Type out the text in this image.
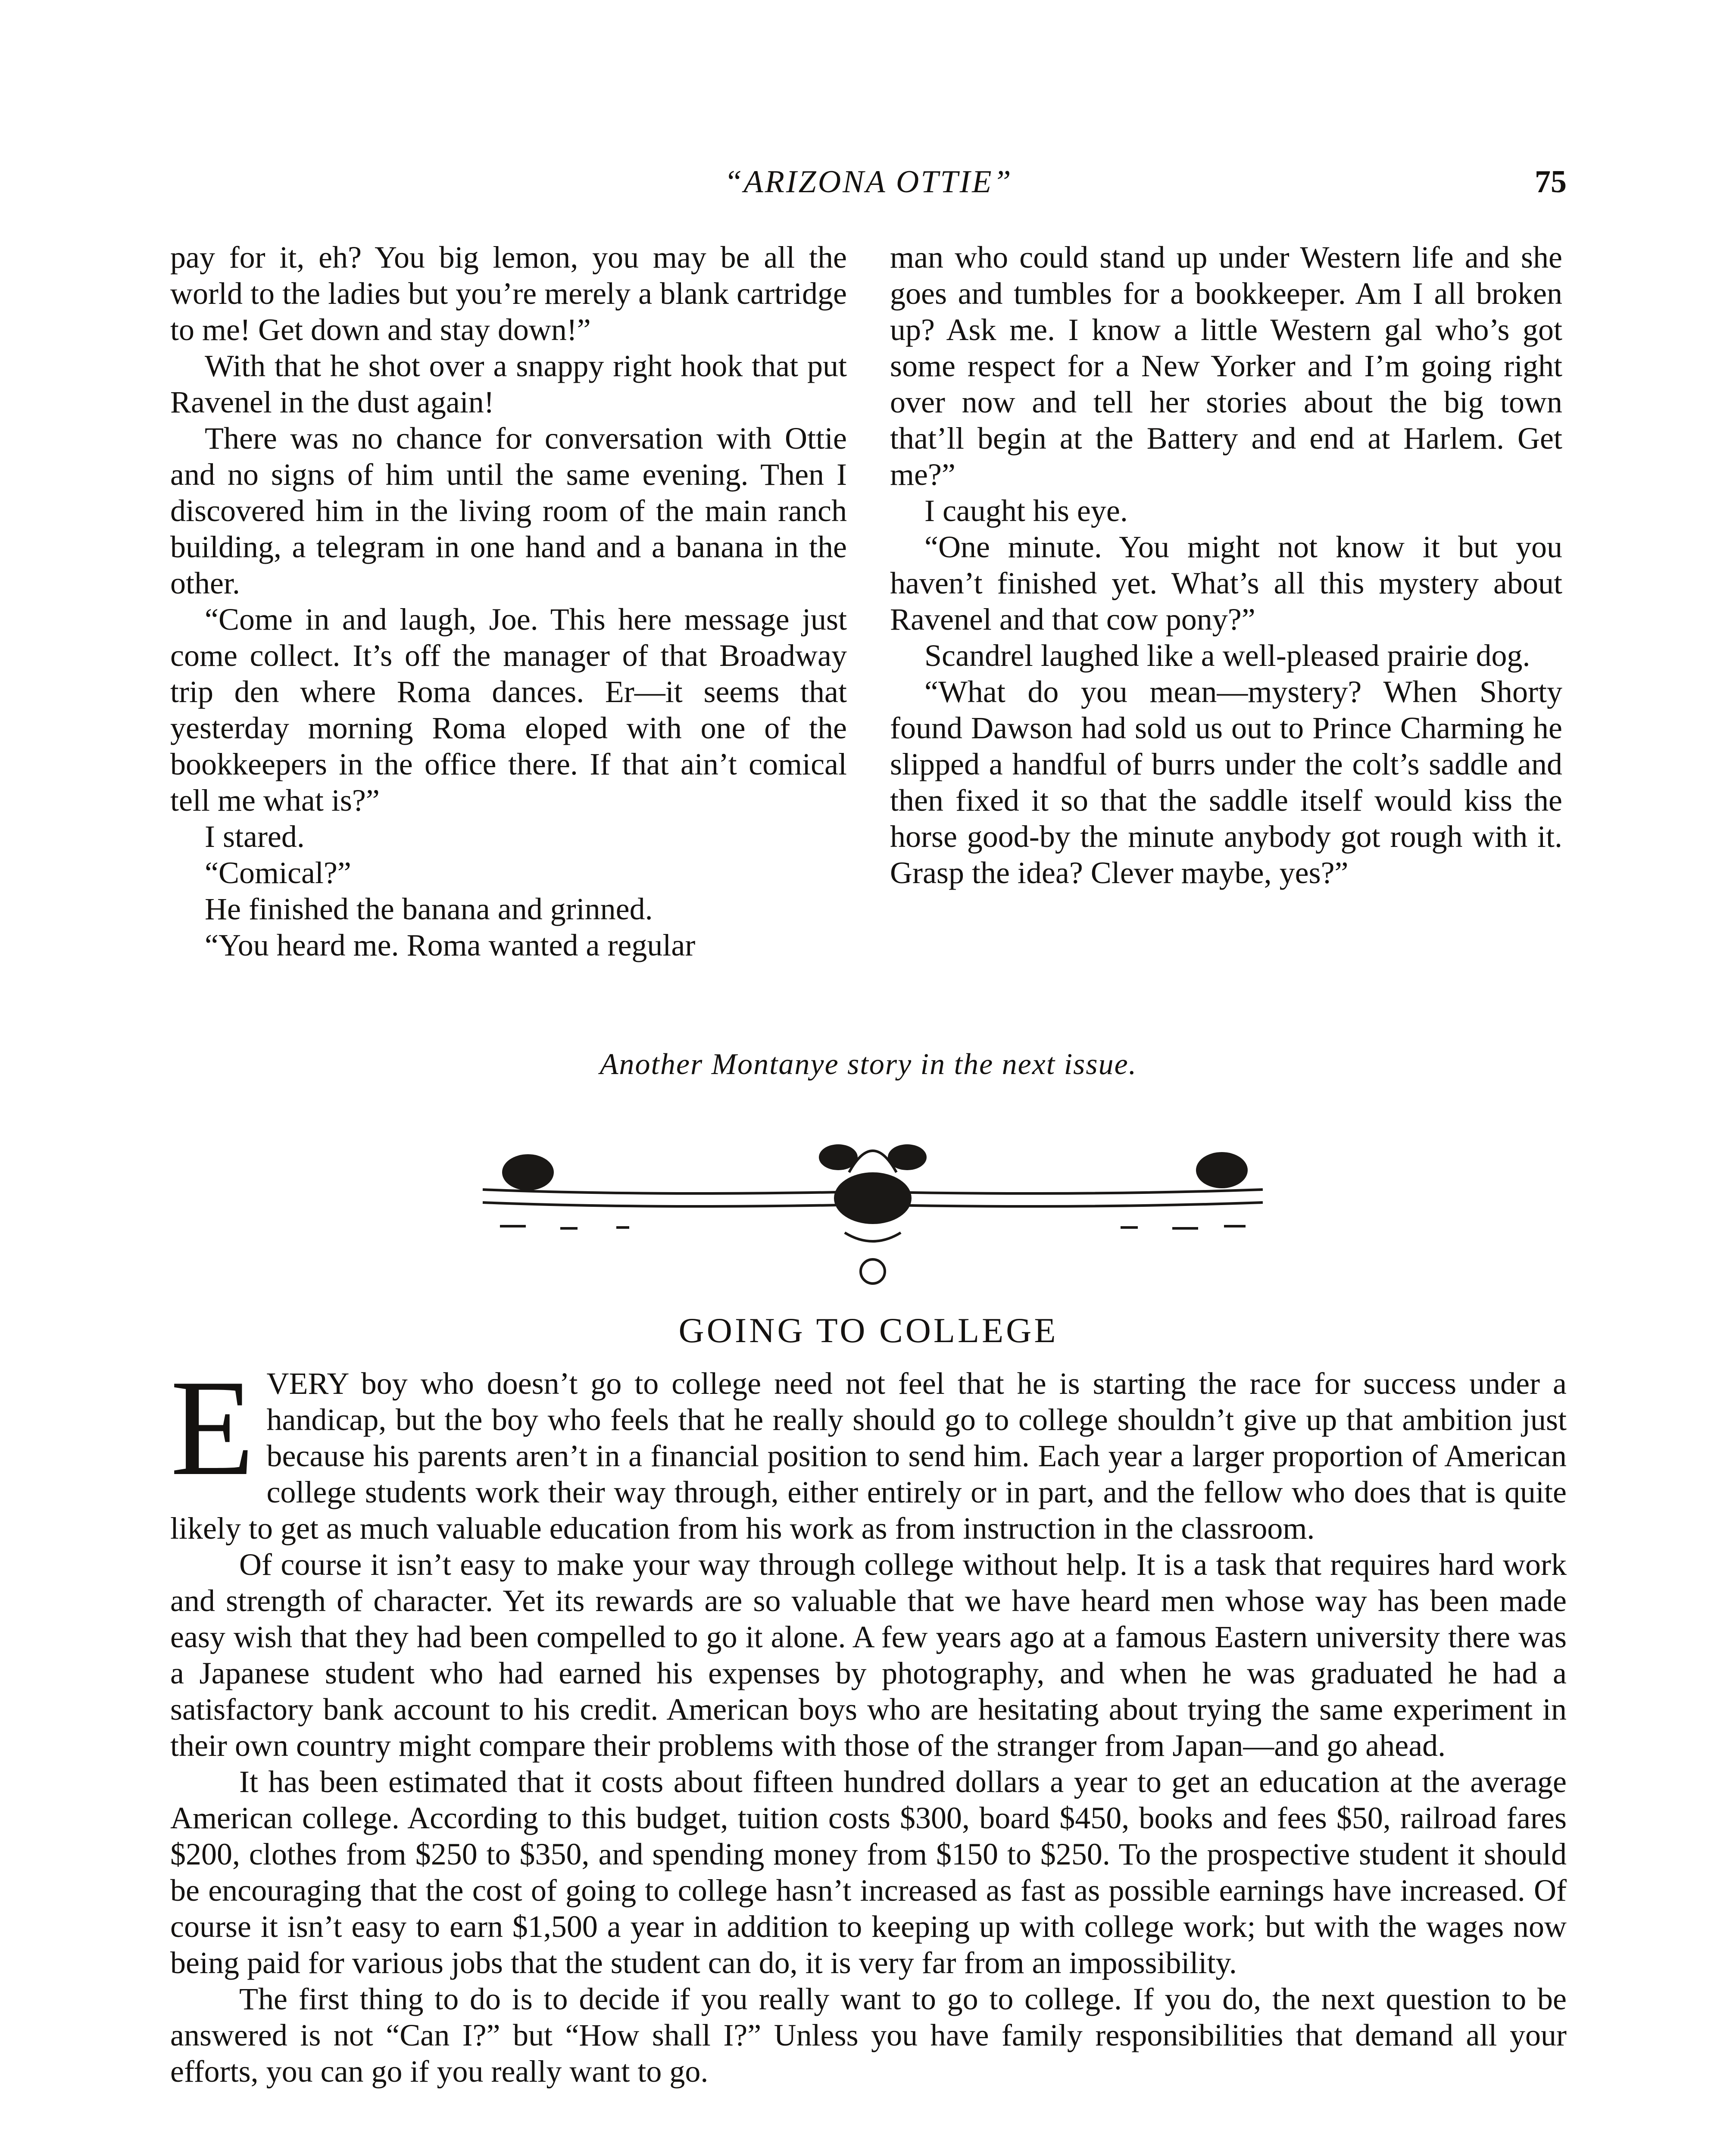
“ARIZONA OTTIE”	75

pay for it, eh? You big lemon, you may be all the world to the ladies but you’re merely a blank cartridge to me! Get down and stay down!”

With that he shot over a snappy right hook that put Ravenel in the dust again!

There was no chance for conversation with Ottie and no signs of him until the same evening. Then I discovered him in the living room of the main ranch building, a telegram in one hand and a banana in the other.

“Come in and laugh, Joe. This here message just come collect. It’s off the manager of that Broadway trip den where Roma dances. Er—it seems that yesterday morning Roma eloped with one of the bookkeepers in the office there. If that ain’t comical tell me what is?”

I stared.

“Comical?”

He finished the banana and grinned.

“You heard me. Roma wanted a regular

man who could stand up under Western life and she goes and tumbles for a bookkeeper. Am I all broken up? Ask me. I know a little Western gal who’s got some respect for a New Yorker and I’m going right over now and tell her stories about the big town that’ll begin at the Battery and end at Harlem. Get me?”

I caught his eye.

“One minute. You might not know it but you haven’t finished yet. What’s all this mystery about Ravenel and that cow pony?”

Scandrel laughed like a well-pleased prairie dog.

“What do you mean—mystery? When Shorty found Dawson had sold us out to Prince Charming he slipped a handful of burrs under the colt’s saddle and then fixed it so that the saddle itself would kiss the horse good-by the minute anybody got rough with it. Grasp the idea? Clever maybe, yes?”

Another Montanye story in the next issue.
GOING TO COLLEGE

EVERY boy who doesn’t go to college need not feel that he is starting the race for success under a handicap, but the boy who feels that he really should go to college shouldn’t give up that ambition just because his parents aren’t in a financial position to send him. Each year a larger proportion of American college students work their way through, either entirely or in part, and the fellow who does that is quite likely to get as much valuable education from his work as from instruction in the classroom.

Of course it isn’t easy to make your way through college without help. It is a task that requires hard work and strength of character. Yet its rewards are so valuable that we have heard men whose way has been made easy wish that they had been compelled to go it alone. A few years ago at a famous Eastern university there was a Japanese student who had earned his expenses by photography, and when he was graduated he had a satisfactory bank account to his credit. American boys who are hesitating about trying the same experiment in their own country might compare their problems with those of the stranger from Japan—and go ahead.

It has been estimated that it costs about fifteen hundred dollars a year to get an education at the average American college. According to this budget, tuition costs $300, board $450, books and fees $50, railroad fares $200, clothes from $250 to $350, and spending money from $150 to $250. To the prospective student it should be encouraging that the cost of going to college hasn’t increased as fast as possible earnings have increased. Of course it isn’t easy to earn $1,500 a year in addition to keeping up with college work; but with the wages now being paid for various jobs that the student can do, it is very far from an impossibility.

The first thing to do is to decide if you really want to go to college. If you do, the next question to be answered is not “Can I?” but “How shall I?” Unless you have family responsibilities that demand all your efforts, you can go if you really want to go.
